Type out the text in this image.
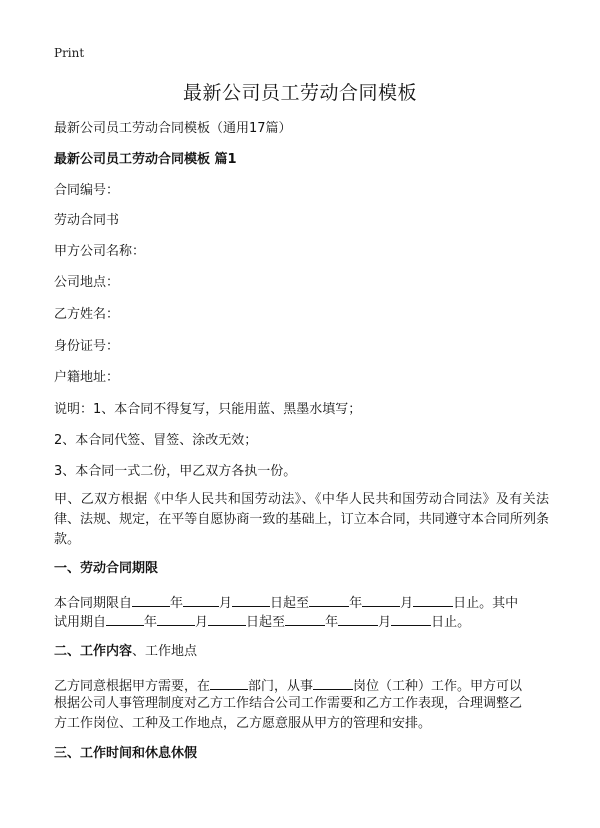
Print
最新公司员工劳动合同模板
最新公司员工劳动合同模板（通用17篇）
最新公司员工劳动合同模板 篇1
合同编号：
劳动合同书
甲方公司名称：
公司地点：
乙方姓名：
身份证号：
户籍地址：
说明：1、本合同不得复写，只能用蓝、黑墨水填写；
2、本合同代签、冒签、涂改无效；
3、本合同一式二份，甲乙双方各执一份。
甲、乙双方根据《中华人民共和国劳动法》、《中华人民共和国劳动合同法》及有关法律、法规、规定，在平等自愿协商一致的基础上，订立本合同，共同遵守本合同所列条款。
一、劳动合同期限
本合同期限自	年	月	日起至	年	月	日止。其中
试用期自	年	月	日起至	年	月	日止。
二、工作内容、工作地点
乙方同意根据甲方需要，在	部门，从事	岗位（工种）工作。甲方可以
根据公司人事管理制度对乙方工作结合公司工作需要和乙方工作表现，合理调整乙
方工作岗位、工种及工作地点，乙方愿意服从甲方的管理和安排。
三、工作时间和休息休假
